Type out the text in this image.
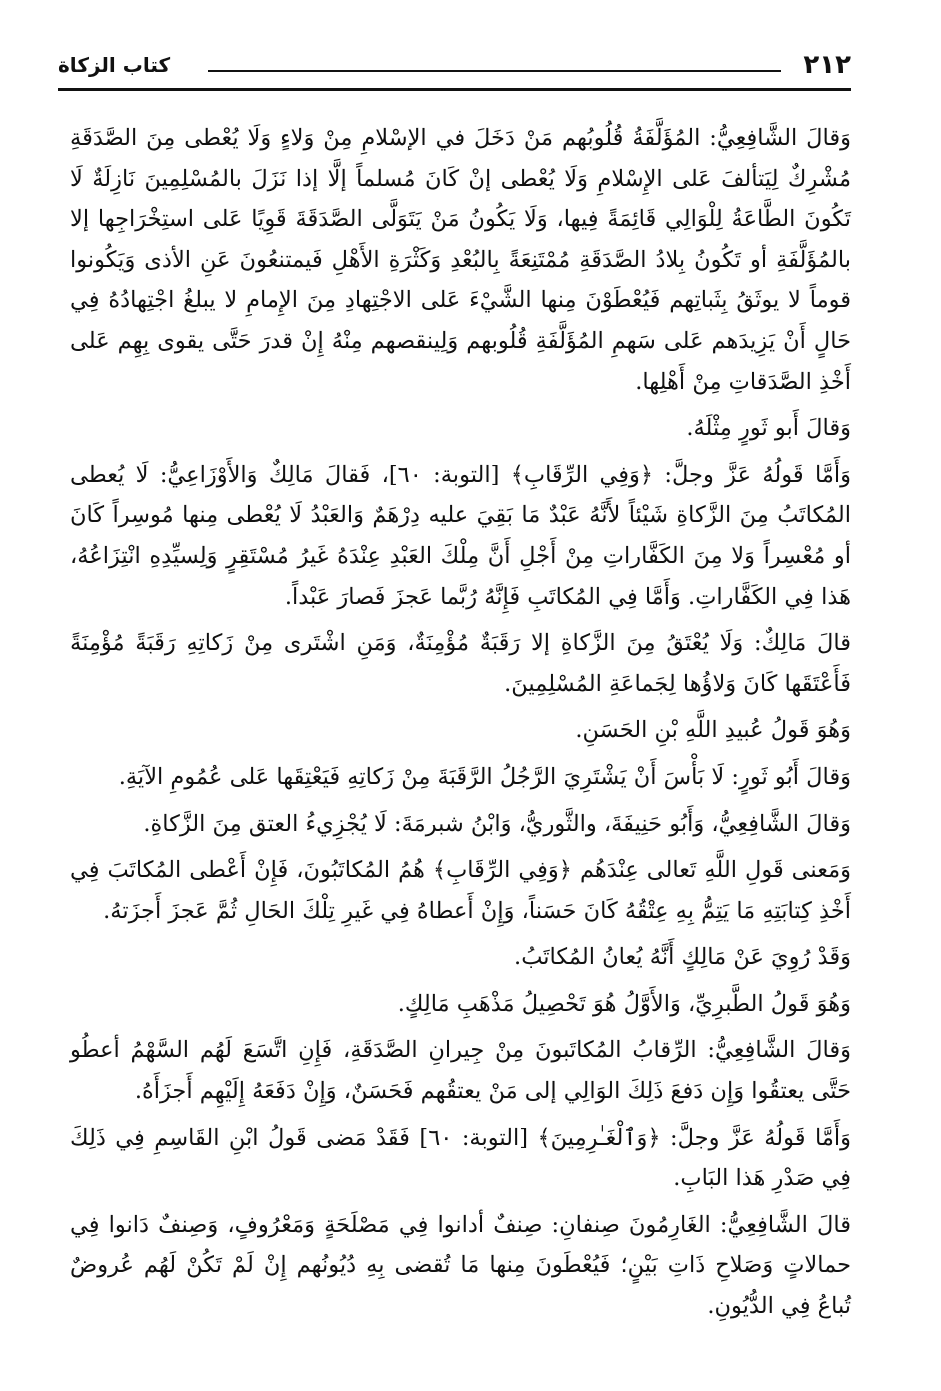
٢١٢
كتاب الزكاة

وَقالَ الشَّافِعِيُّ: المُؤَلَّفَةُ قُلُوبُهم مَنْ دَخَلَ في الإسْلامِ مِنْ وَلاءٍ وَلَا يُعْطى مِنَ الصَّدَقَةِ مُشْرِكٌ لِيَتألفَ عَلى الإِسْلامِ وَلَا يُعْطى إنْ كَانَ مُسلماً إلَّا إذا نَزَلَ بالمُسْلِمِينَ نَازِلَةٌ لَا تَكُونَ الطَّاعَةُ لِلْوَالِي قَائِمَةً فِيها، وَلَا يَكُونُ مَنْ يَتَوَلَّى الصَّدَقَةَ قَوِيًا عَلى استِخْرَاجِها إلا بالمُؤَلَّفَةِ أو تَكُونُ بِلادُ الصَّدَقَةِ مُمْتَنِعَةً بِالبُعْدِ وَكَثْرَةِ الأَهْلِ فَيمتنعُونَ عَنِ الأذى وَيَكُونوا قوماً لا يوثَقُ بِثَباتِهم فَيُعْطَوْنَ مِنها الشَّيْءَ عَلى الاجْتِهادِ مِنَ الإِمامِ لا يبلغُ اجْتِهادُهُ فِي حَالٍ أَنْ يَزِيدَهم عَلى سَهمِ المُؤَلَّفَةِ قُلُوبهم وَلِينقصهم مِنْهُ إِنْ قدرَ حَتَّى يقوى بِهِم عَلى أَخْذِ الصَّدَقاتِ مِنْ أَهْلِها.

وَقالَ أَبو ثَورٍ مِثْلَهُ.

وَأَمَّا قَولُهُ عَزَّ وجلَّ: ﴿وَفِي الرِّقَابِ﴾ [التوبة: ٦٠]، فَقالَ مَالِكٌ وَالأَوْزَاعِيُّ: لَا يُعطى المُكاتَبُ مِنَ الزَّكاةِ شَيْئاً لأَنَّهُ عَبْدٌ مَا بَقِيَ عليه دِرْهَمٌ وَالعَبْدُ لَا يُعْطى مِنها مُوسِراً كَانَ أو مُعْسِراً وَلا مِنَ الكَفَّاراتِ مِنْ أَجْلِ أَنَّ مِلْكَ العَبْدِ عِنْدَهُ غَيرُ مُسْتَقِرٍ وَلِسيِّدِهِ انْتِزَاعُهُ، هَذا فِي الكَفَّاراتِ. وَأَمَّا فِي المُكاتَبِ فَإِنَّهُ رُبَّما عَجزَ فَصارَ عَبْداً.

قالَ مَالِكٌ: وَلَا يُعْتَقُ مِنَ الزَّكاةِ إلا رَقَبَةٌ مُؤْمِنَةٌ، وَمَنِ اشْتَرى مِنْ زَكاتِهِ رَقَبَةً مُؤْمِنَةً فَأَعْتَقَها كَانَ وَلاؤُها لِجَماعَةِ المُسْلِمِينَ.

وَهُوَ قَولُ عُبيدِ اللَّهِ بْنِ الحَسَنِ.

وَقالَ أَبُو ثَورٍ: لَا بَأْسَ أَنْ يَشْتَرِيَ الرَّجُلُ الرَّقَبَةَ مِنْ زَكاتِهِ فَيَعْتِقَها عَلى عُمُومِ الآيَةِ.

وَقالَ الشَّافِعِيُّ، وَأَبُو حَنِيفَةَ، والثَّوريُّ، وَابْنُ شبرمَةَ: لَا يُجْزِيءُ العتق مِنَ الزَّكاةِ.

وَمَعنى قَولِ اللَّهِ تَعالى عِنْدَهُم ﴿وَفِي الرِّقَابِ﴾ هُمُ المُكاتَبُونَ، فَإِنْ أَعْطى المُكاتَبَ فِي أَخْذِ كِتابَتِهِ مَا يَتِمُّ بِهِ عِتْقُهُ كَانَ حَسَناً، وَإِنْ أَعطاهُ فِي غَيرِ تِلْكَ الحَالِ ثُمَّ عَجزَ أَجزَتهُ.

وَقَدْ رُوِيَ عَنْ مَالِكٍ أَنَّهُ يُعانُ المُكاتَبُ.

وَهُوَ قَولُ الطَّبرِيِّ، وَالأَوَّلُ هُوَ تَحْصِيلُ مَذْهَبِ مَالِكٍ.

وَقالَ الشَّافِعِيُّ: الرِّقابُ المُكاتَبونَ مِنْ جِيرانِ الصَّدَقَةِ، فَإِنِ اتَّسَعَ لَهُم السَّهْمُ أعطُو حَتَّى يعتقُوا وَإِن دَفعَ ذَلِكَ الوَالِي إلى مَنْ يعتقُهم فَحَسَنٌ، وَإِنْ دَفَعَهُ إِلَيْهِم أَجزَأَهُ.

وَأَمَّا قَولُهُ عَزَّ وجلَّ: ﴿وَٱلْغَـٰرِمِينَ﴾ [التوبة: ٦٠] فَقَدْ مَضى قَولُ ابْنِ القَاسِمِ فِي ذَلِكَ فِي صَدْرِ هَذا البَابِ.

قالَ الشَّافِعِيُّ: الغَارِمُونَ صِنفانِ: صِنفٌ أدانوا فِي مَصْلَحَةٍ وَمَعْرُوفٍ، وَصِنفٌ دَانوا فِي حمالاتٍ وَصَلاحِ ذَاتِ بَيْنٍ؛ فَيُعْطَونَ مِنها مَا تُقضى بِهِ دُيُونُهم إِنْ لَمْ تَكُنْ لَهُم عُروضٌ تُباعُ فِي الدُّيُونِ.
